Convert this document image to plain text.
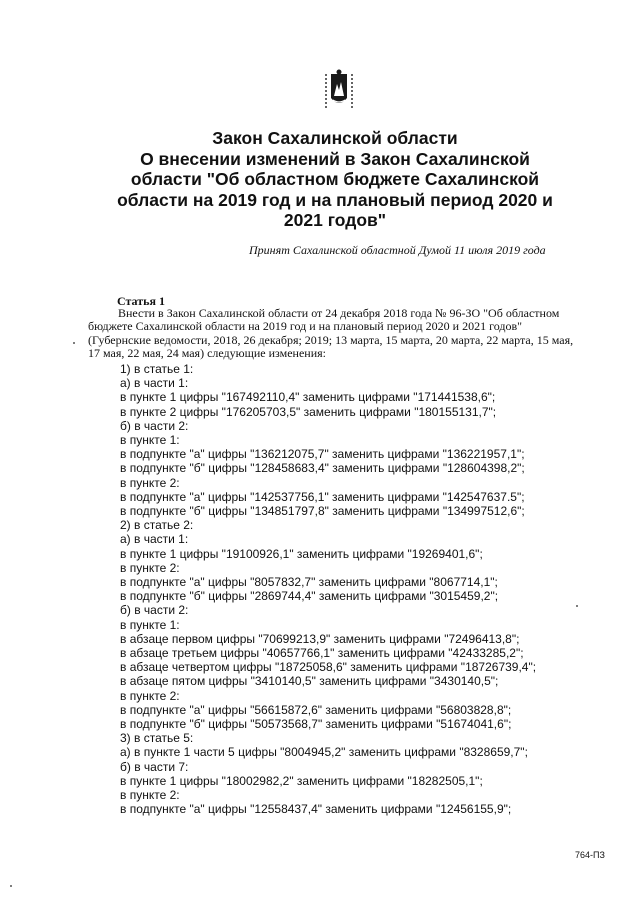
Закон Сахалинской области
О внесении изменений в Закон Сахалинской
области "Об областном бюджете Сахалинской
области на 2019 год и на плановый период 2020 и
2021 годов"
Принят Сахалинской областной Думой 11 июля 2019 года
Статья 1
Внести в Закон Сахалинской области от 24 декабря 2018 года № 96-ЗО "Об областном
бюджете Сахалинской области на 2019 год и на плановый период 2020 и 2021 годов"
(Губернские ведомости, 2018, 26 декабря; 2019; 13 марта, 15 марта, 20 марта, 22 марта, 15 мая,
17 мая, 22 мая, 24 мая) следующие изменения:
1) в статье 1:
а) в части 1:
в пункте 1 цифры "167492110,4" заменить цифрами "171441538,6";
в пункте 2 цифры "176205703,5" заменить цифрами "180155131,7";
б) в части 2:
в пункте 1:
в подпункте "а" цифры "136212075,7" заменить цифрами "136221957,1";
в подпункте "б" цифры "128458683,4" заменить цифрами "128604398,2";
в пункте 2:
в подпункте "а" цифры "142537756,1" заменить цифрами "142547637.5";
в подпункте "б" цифры "134851797,8" заменить цифрами "134997512,6";
2) в статье 2:
а) в части 1:
в пункте 1 цифры "19100926,1" заменить цифрами "19269401,6";
в пункте 2:
в подпункте "а" цифры "8057832,7" заменить цифрами "8067714,1";
в подпункте "б" цифры "2869744,4" заменить цифрами "3015459,2";
б) в части 2:
в пункте 1:
в абзаце первом цифры "70699213,9" заменить цифрами "72496413,8";
в абзаце третьем цифры "40657766,1" заменить цифрами "42433285,2";
в абзаце четвертом цифры "18725058,6" заменить цифрами "18726739,4";
в абзаце пятом цифры "3410140,5" заменить цифрами "3430140,5";
в пункте 2:
в подпункте "а" цифры "56615872,6" заменить цифрами "56803828,8";
в подпункте "б" цифры "50573568,7" заменить цифрами "51674041,6";
3) в статье 5:
а) в пункте 1 части 5 цифры "8004945,2" заменить цифрами "8328659,7";
б) в части 7:
в пункте 1 цифры "18002982,2" заменить цифрами "18282505,1";
в пункте 2:
в подпункте "а" цифры "12558437,4" заменить цифрами "12456155,9";
764-ПЗ
